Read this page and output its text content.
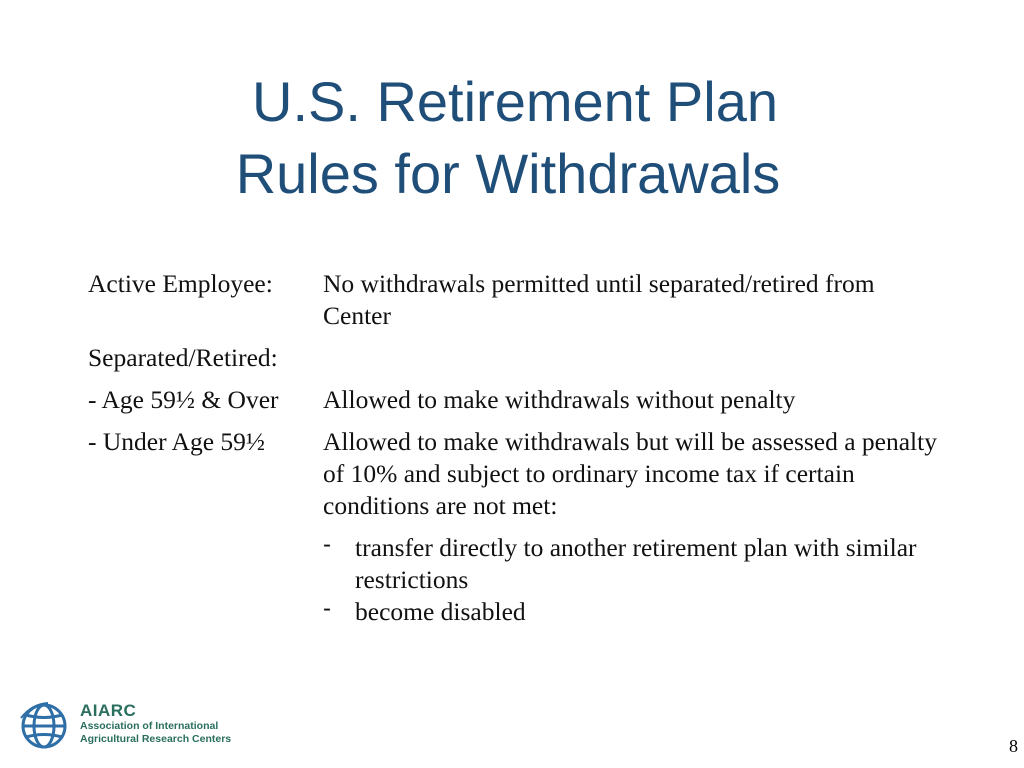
U.S. Retirement Plan
Rules for Withdrawals
Active Employee:	No withdrawals permitted until separated/retired from Center
Separated/Retired:
- Age 59½ & Over	Allowed to make withdrawals without penalty
- Under Age 59½	Allowed to make withdrawals but will be assessed a penalty of 10% and subject to ordinary income tax if certain conditions are not met:
- transfer directly to another retirement plan with similar restrictions
- become disabled
AIARC
Association of International
Agricultural Research Centers	8
